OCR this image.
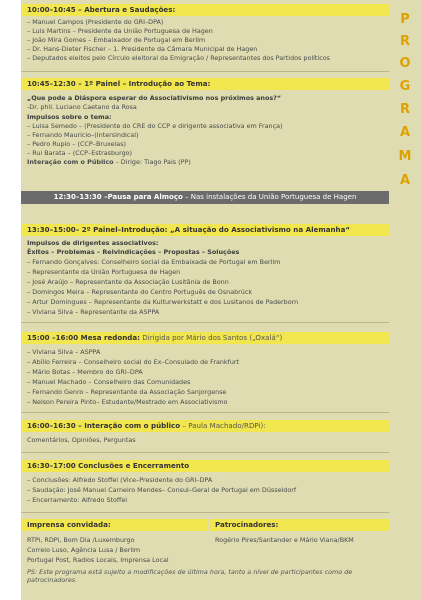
10:00–10:45 – Abertura e Saudações:
– Manuel Campos (Presidente do GRI–DPA)
– Luis Martins – Presidente da União Portuguesa de Hagen
– João Mira Gomes – Embaixador de Portugal em Berlim
– Dr. Hans-Dieter Fischer – 1. Presidente da Câmara Municipal de Hagen
– Deputados eleitos pelo Círculo eleitoral da Emigração / Representantes dos Partidos políticos
10:45–12:30 – 1º Painel – Introdução ao Tema:
„Que pode a Diáspora esperar do Associativismo nos próximos anos?“
-Dr. phil. Luciano Caetano da Rosa
Impulsos sobre o tema:
– Luisa Semedo – (Presidente do CRE do CCP e dirigente associativa em França)
– Fernando Mauricio–(Intersindical)
– Pedro Rupio – (CCP–Bruxelas)
– Rui Barata – (CCP–Estrasburgo)
Interação com o Público – Dirige: Tiago Pais (PP)
12:30–13:30 –Pausa para Almoço – Nas instalações da União Portuguesa de Hagen
13:30–15:00– 2º Painel–Introdução: „A situação do Associativismo na Alemanha“
Impulsos de dirigentes associativos:
Êxitos – Problemas – Reivindicações – Propostas – Soluções
– Fernando Gonçalves: Conselheiro social da Embaixada de Portugal em Berlim
– Representante da União Portuguesa de Hagen
– José Araújo – Representante da Associação Lusitânia de Bonn
– Domingos Meira – Representante do Centro Português de Osnabrück
– Artur Domingues – Representante da Kulturwerkstatt e dos Lusitanos de Paderborn
– Viviana Silva – Representante da ASPPA
15:00 –16:00 Mesa redonda: Dirigida por Mário dos Santos („Oxalá“)
– Viviana Silva – ASPPA
– Abílio Ferreira – Conselheiro social do Ex–Consulado de Frankfurt
– Mário Botas – Membro do GRI–DPA
– Manuel Machado – Conselheiro das Comunidades
– Fernando Genro – Representante da Associação Sanjorgense
– Nelson Pereira Pinto– Estudante/Mestrado em Associativismo
16:00–16:30 – Interação com o público – Paula Machado/RDPi):
Comentários, Opiniões, Perguntas
16:30–17:00 Conclusões e Encerramento
– Conclusões: Alfredo Stoffel (Vice–Presidente do GRI–DPA
– Saudação: José Manuel Carneiro Mendes– Consul–Geral de Portugal em Düsseldorf
– Encerramento: Alfredo Stoffel
Imprensa convidada:	Patrocinadores:
RTPi, RDPi, Bom Dia /Luxemburgo
Correio Luso, Agência Lusa / Berlim
Portugal Post, Radios Locais, Imprensa Local
Rogério Pires/Santander e Mário Viana/BKM
PS: Este programa está sujeito a modificações de última hora, tanto a nível de participantes como de patrocinadores.
P
R
O
G
R
A
M
A
